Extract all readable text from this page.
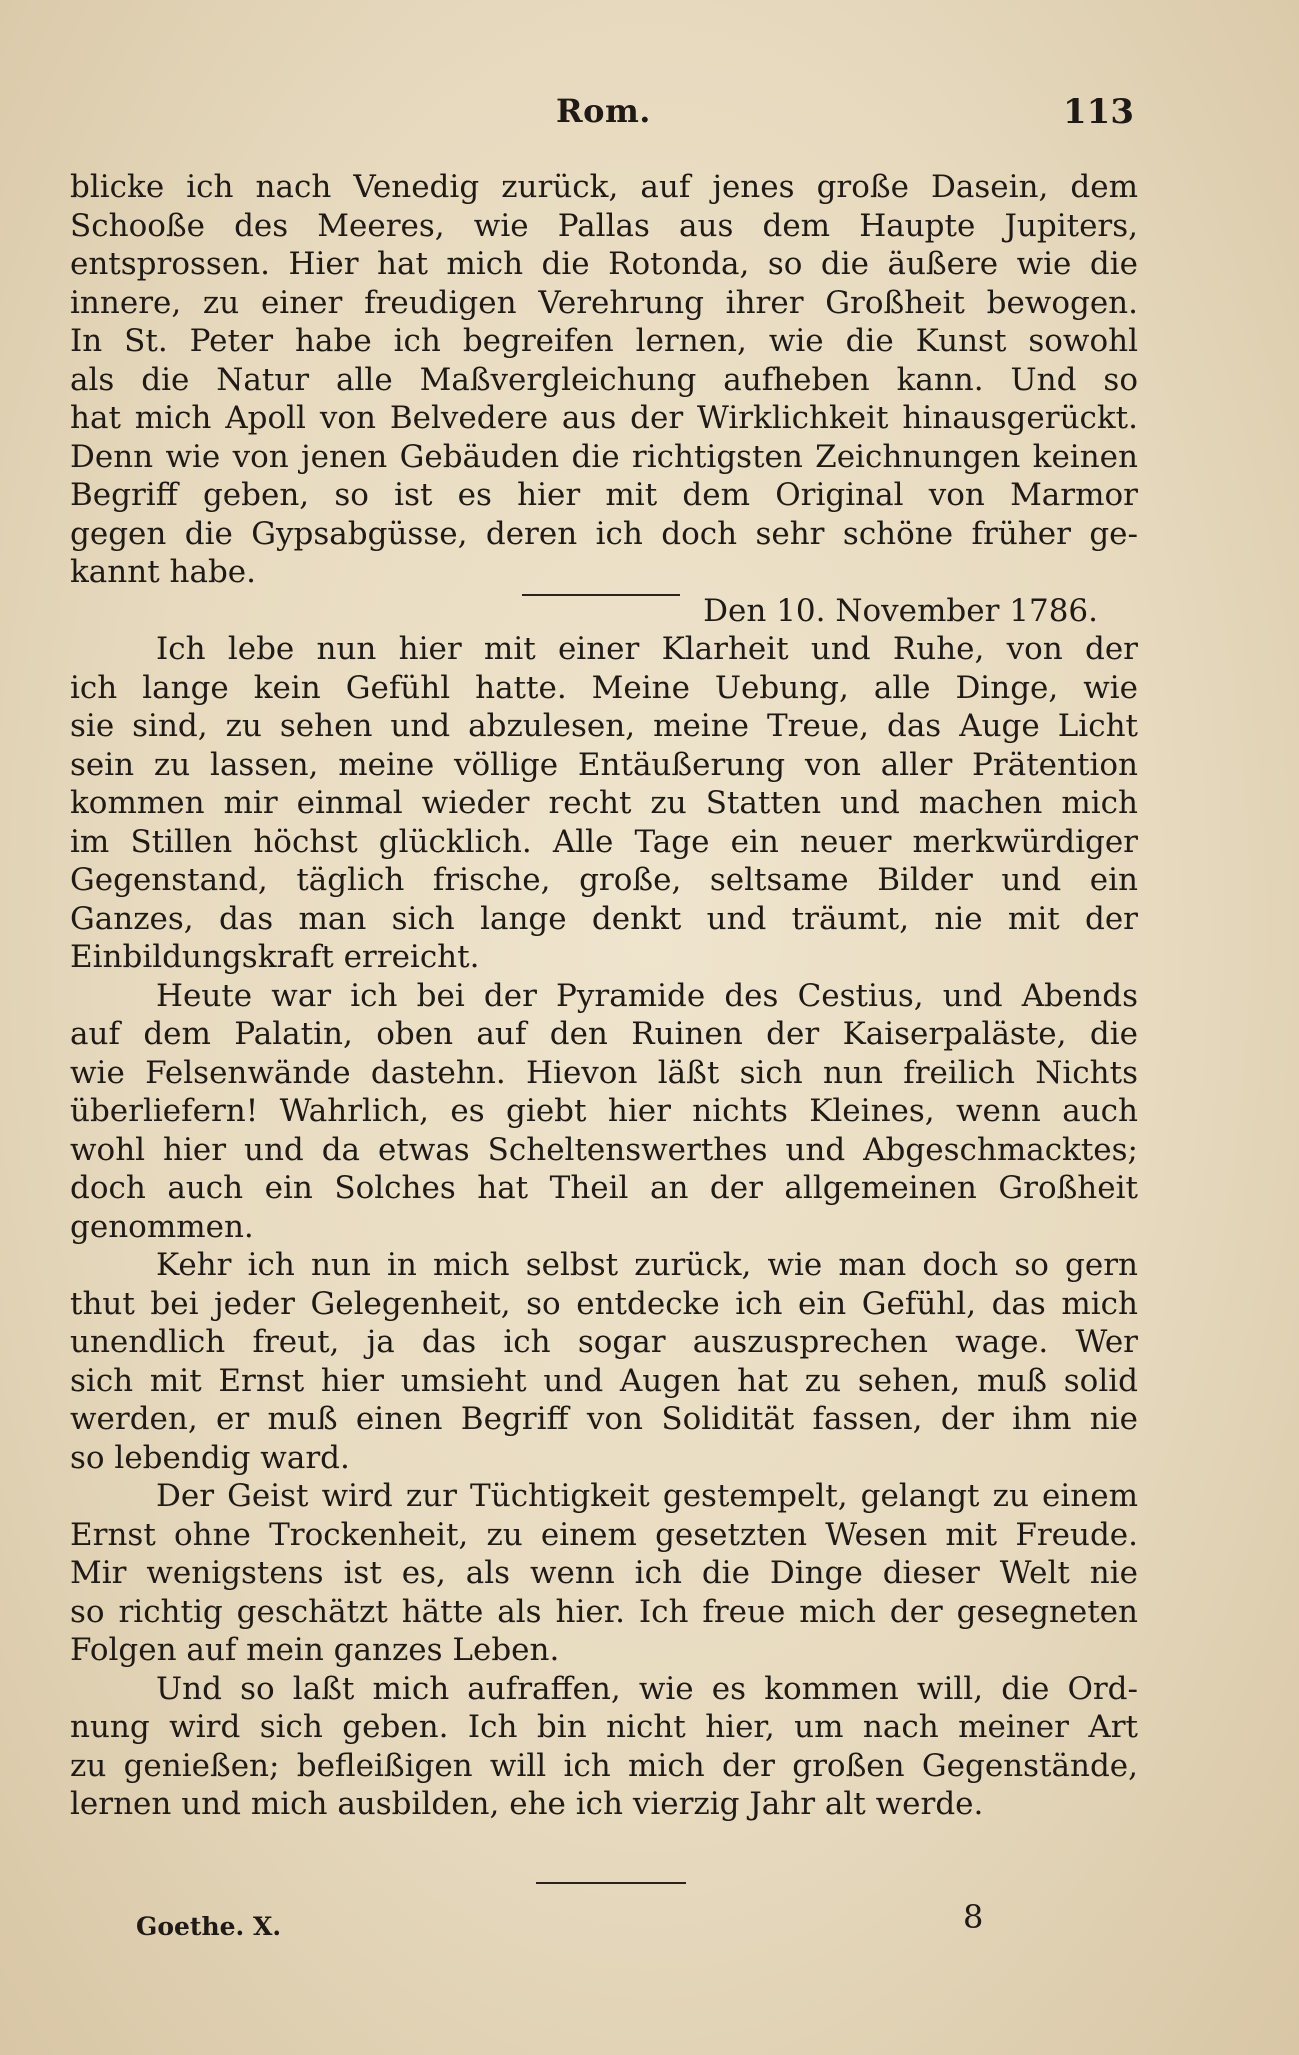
Rom.	113
blicke ich nach Venedig zurück, auf jenes große Dasein, dem
Schooße des Meeres, wie Pallas aus dem Haupte Jupiters,
entsprossen. Hier hat mich die Rotonda, so die äußere wie die
innere, zu einer freudigen Verehrung ihrer Großheit bewogen.
In St. Peter habe ich begreifen lernen, wie die Kunst sowohl
als die Natur alle Maßvergleichung aufheben kann. Und so
hat mich Apoll von Belvedere aus der Wirklichkeit hinausgerückt.
Denn wie von jenen Gebäuden die richtigsten Zeichnungen keinen
Begriff geben, so ist es hier mit dem Original von Marmor
gegen die Gypsabgüsse, deren ich doch sehr schöne früher ge-
kannt habe.
Den 10. November 1786.
Ich lebe nun hier mit einer Klarheit und Ruhe, von der
ich lange kein Gefühl hatte. Meine Uebung, alle Dinge, wie
sie sind, zu sehen und abzulesen, meine Treue, das Auge Licht
sein zu lassen, meine völlige Entäußerung von aller Prätention
kommen mir einmal wieder recht zu Statten und machen mich
im Stillen höchst glücklich. Alle Tage ein neuer merkwürdiger
Gegenstand, täglich frische, große, seltsame Bilder und ein
Ganzes, das man sich lange denkt und träumt, nie mit der
Einbildungskraft erreicht.
Heute war ich bei der Pyramide des Cestius, und Abends
auf dem Palatin, oben auf den Ruinen der Kaiserpaläste, die
wie Felsenwände dastehn. Hievon läßt sich nun freilich Nichts
überliefern! Wahrlich, es giebt hier nichts Kleines, wenn auch
wohl hier und da etwas Scheltenswerthes und Abgeschmacktes;
doch auch ein Solches hat Theil an der allgemeinen Großheit
genommen.
Kehr ich nun in mich selbst zurück, wie man doch so gern
thut bei jeder Gelegenheit, so entdecke ich ein Gefühl, das mich
unendlich freut, ja das ich sogar auszusprechen wage. Wer
sich mit Ernst hier umsieht und Augen hat zu sehen, muß solid
werden, er muß einen Begriff von Solidität fassen, der ihm nie
so lebendig ward.
Der Geist wird zur Tüchtigkeit gestempelt, gelangt zu einem
Ernst ohne Trockenheit, zu einem gesetzten Wesen mit Freude.
Mir wenigstens ist es, als wenn ich die Dinge dieser Welt nie
so richtig geschätzt hätte als hier. Ich freue mich der gesegneten
Folgen auf mein ganzes Leben.
Und so laßt mich aufraffen, wie es kommen will, die Ord-
nung wird sich geben. Ich bin nicht hier, um nach meiner Art
zu genießen; befleißigen will ich mich der großen Gegenstände,
lernen und mich ausbilden, ehe ich vierzig Jahr alt werde.
Goethe. X.	8
